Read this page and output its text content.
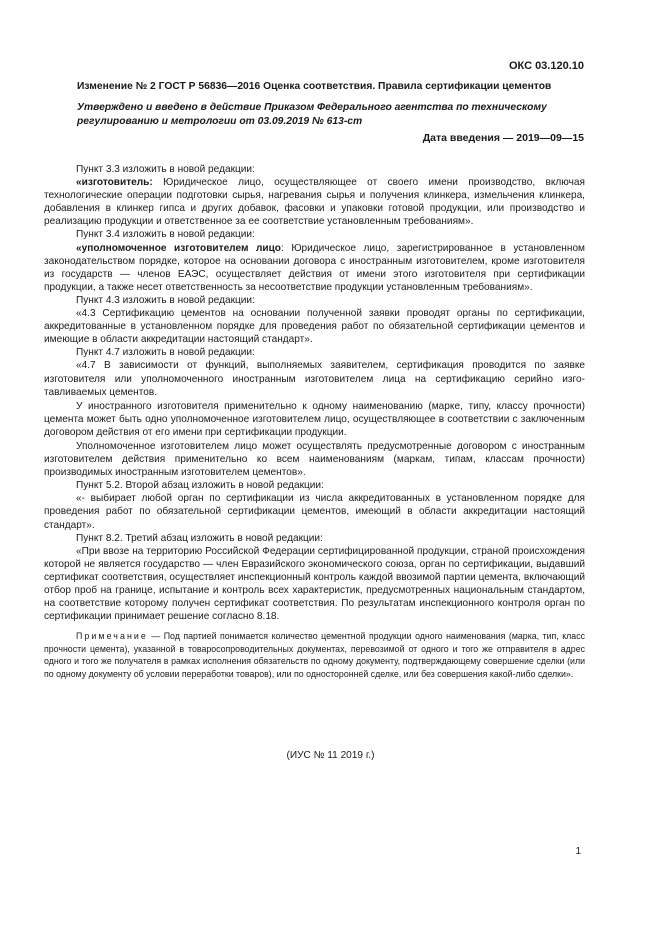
ОКС 03.120.10
Изменение № 2 ГОСТ Р 56836—2016 Оценка соответствия. Правила сертификации цементов
Утверждено и введено в действие Приказом Федерального агентства по техническому регулированию и метрологии от 03.09.2019 № 613-ст
Дата введения — 2019—09—15

Пункт 3.3 изложить в новой редакции:

«изготовитель: Юридическое лицо, осуществляющее от своего имени производство, включая технологические операции подготовки сырья, нагревания сырья и получения клинкера, измельчения клинкера, добавления в клинкер гипса и других добавок, фасовки и упаковки готовой продукции, или производство и реализацию продукции и ответственное за ее соответствие установленным требованиям».

Пункт 3.4 изложить в новой редакции:

«уполномоченное изготовителем лицо: Юридическое лицо, зарегистрированное в установленном законодательством порядке, которое на основании договора с иностранным изготовителем, кроме изготовителя из государств — членов ЕАЭС, осуществляет действия от имени этого изготовителя при сертификации продукции, а также несет ответственность за несоответствие продукции установленным требованиям».

Пункт 4.3 изложить в новой редакции:

«4.3 Сертификацию цементов на основании полученной заявки проводят органы по сертификации, аккредитованные в установленном порядке для проведения работ по обязательной сертификации цементов и имеющие в области аккредитации настоящий стандарт».

Пункт 4.7 изложить в новой редакции:

«4.7 В зависимости от функций, выполняемых заявителем, сертификация проводится по заявке изготовителя или уполномоченного иностранным изготовителем лица на сертификацию серийно изготавливаемых цементов.

У иностранного изготовителя применительно к одному наименованию (марке, типу, классу прочности) цемента может быть одно уполномоченное изготовителем лицо, осуществляющее в соответствии с заключенным договором действия от его имени при сертификации продукции.

Уполномоченное изготовителем лицо может осуществлять предусмотренные договором с иностранным изготовителем действия применительно ко всем наименованиям (маркам, типам, классам прочности) производимых иностранным изготовителем цементов».

Пункт 5.2. Второй абзац изложить в новой редакции:

«- выбирает любой орган по сертификации из числа аккредитованных в установленном порядке для проведения работ по обязательной сертификации цементов, имеющий в области аккредитации настоящий стандарт».

Пункт 8.2. Третий абзац изложить в новой редакции:

«При ввозе на территорию Российской Федерации сертифицированной продукции, страной происхождения которой не является государство — член Евразийского экономического союза, орган по сертификации, выдавший сертификат соответствия, осуществляет инспекционный контроль каждой ввозимой партии цемента, включающий отбор проб на границе, испытание и контроль всех характеристик, предусмотренных национальным стандартом, на соответствие которому получен сертификат соответствия. По результатам инспекционного контроля орган по сертификации принимает решение согласно 8.18.

Примечание — Под партией понимается количество цементной продукции одного наименования (марка, тип, класс прочности цемента), указанной в товаросопроводительных документах, перевозимой от одного и того же отправителя в адрес одного и того же получателя в рамках исполнения обязательств по одному документу, подтверждающему совершение сделки (или по одному документу об условии переработки товаров), или по односторонней сделке, или без совершения какой-либо сделки».

(ИУС № 11 2019 г.)
1
